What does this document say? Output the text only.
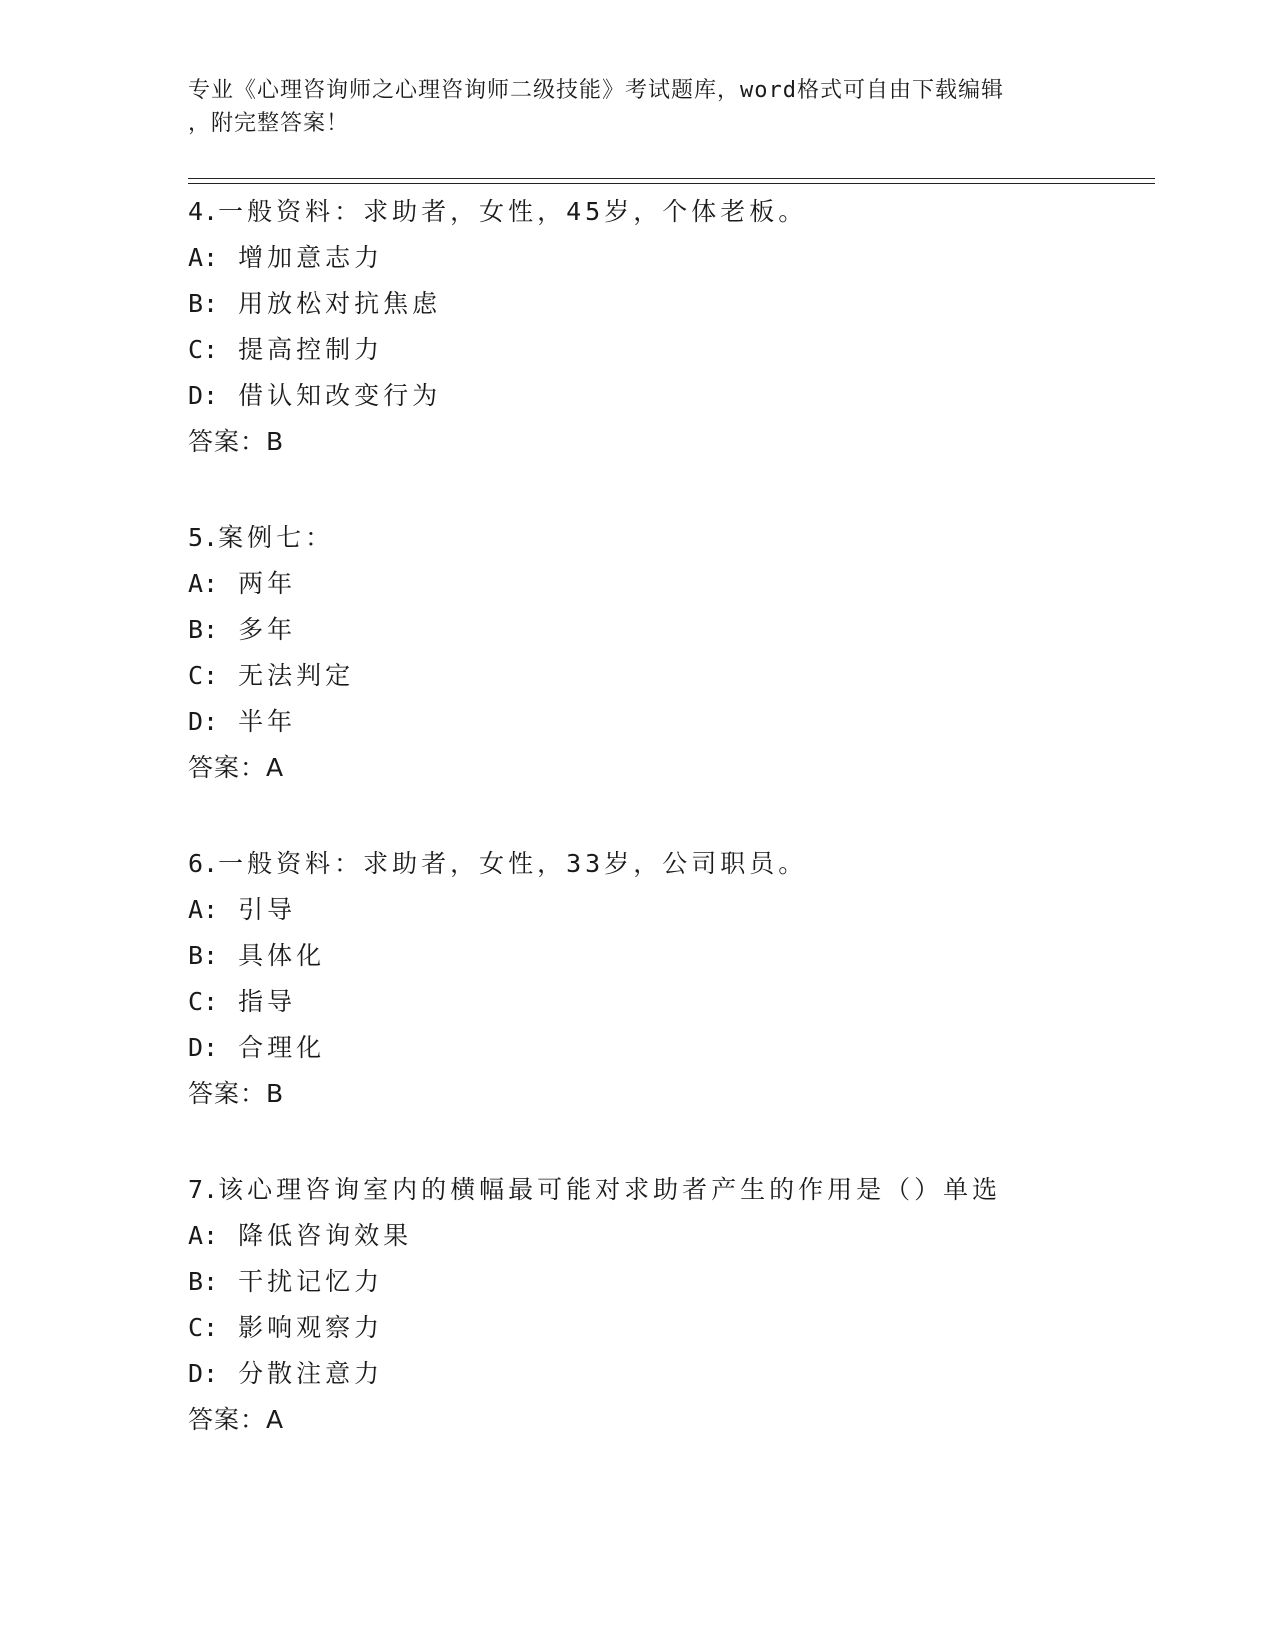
专业《心理咨询师之心理咨询师二级技能》考试题库，word格式可自由下载编辑
，附完整答案！
4.一般资料：求助者，女性，45岁，个体老板。
A: 增加意志力
B: 用放松对抗焦虑
C: 提高控制力
D: 借认知改变行为
答案：B
5.案例七：
A: 两年
B: 多年
C: 无法判定
D: 半年
答案：A
6.一般资料：求助者，女性，33岁，公司职员。
A: 引导
B: 具体化
C: 指导
D: 合理化
答案：B
7.该心理咨询室内的横幅最可能对求助者产生的作用是（）单选
A: 降低咨询效果
B: 干扰记忆力
C: 影响观察力
D: 分散注意力
答案：A
